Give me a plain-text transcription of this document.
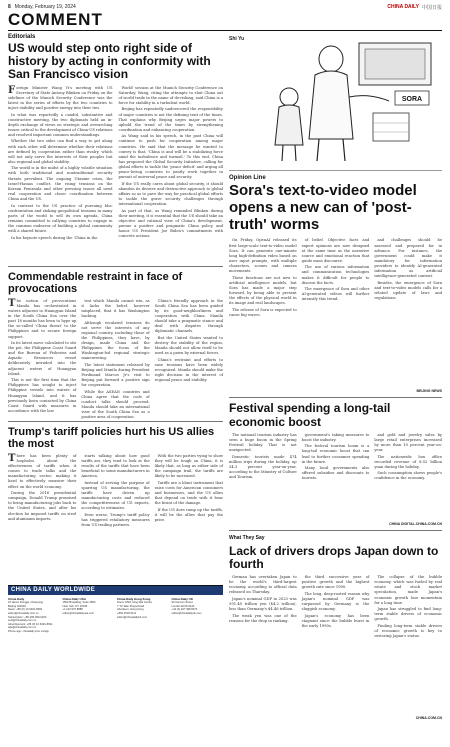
8 Monday, February 19, 2024	CHINA DAILY 中国日报
COMMENT
Editorials
US would step onto right side of history by acting in conformity with San Francisco vision

Foreign Minister Wang Yi's meeting with US Secretary of State Antony Blinken on Friday on the sidelines of the Munich Security Conference was the latest in the series of efforts by the two countries to inject stability and positive energy into their ties.

In what was reportedly a candid, substantive and constructive meeting, the two diplomats held an in-depth exchange of views on strategic and overarching issues critical to the development of China-US relations and resolved important common understandings.

Whether the two sides can find a way to get along with each other will determine whether their relations are defined by cooperation rather than rivalry, which will not only serve the interests of their peoples but also regional and global stability.

The world is in the midst of a highly volatile situation with both traditional and nontraditional security threats prevalent. The ongoing Ukraine crisis, the Israel-Hamas conflict, the rising tensions on the Korean Peninsula and other pressing issues all need real cooperation and closer coordination between China and the US.

In contrast to the US practice of pursuing bloc confrontation and stoking geopolitical tensions in many parts of the world to sell its own agenda, China remains committed to rallying countries to engage in the common endeavor of building a global community with a shared future.

In his keynote speech during the 'China in the

World' session at the Munich Security Conference on Saturday, Wang, citing the attempts to shut China out of world trade in the name of de-risking, said China is a force for stability in a turbulent world.

Beijing has repeatedly underscored the responsibility of major countries is not the defining trait of the times. That explains why Beijing urges major powers to uphold the trend of the times by strengthening coordination and enhancing cooperation.

As Wang said in his speech, in the past China will continue to push for cooperation among major countries. He said that the message he wanted to convey is that, 'China is and will be a stabilizing force amid the turbulence and turmoil.' To this end, China has proposed the Global Security Initiative, calling for global efforts to tackle the 'peace deficit' and urging all peace-loving countries to jointly work together in pursuit of universal peace and security.

If the US really cares about global security, it should abandon its divisive and destructive approach to global affairs so as to pave the way for practical global efforts to tackle the grave security challenges through international cooperation.

As part of that, as Wang reminded Blinken during their meeting, it is essential that the US should take an objective and rational view of China's development, pursue a positive and pragmatic China policy, and honor US President Joe Biden's commitments with concrete actions.

Commendable restraint in face of provocations

The notion of provocations Manila has orchestrated in waters adjacent to Huangyan Island in the South China Sea over the past 18 months has been to hype up the so-called 'China threat' to the Philippines and to secure foreign support.

In its latest move calculated to stir the pot, the Philippine Coast Guard and the Bureau of Fisheries and Aquatic Resources vessel deliberately intruded into the adjacent waters of Huangyan Island.

This is not the first time that the Philippines has sought to inject Philippine vessels into waters of Huangyan Island, and it has previously been contacted by China Coast Guard with measures in accordance with the law.

test which Manila cannot win, as it lacks the belief, however misplaced, that it has Washington backing.

Although escalated tensions do not serve the interests of any regional country, including those of the Philippines, they have, by design, made China and the Philippines the focus of the Washington-led regional strategic maneuvering.

The latest statement released by Beijing and Manila during President Ferdinand Marcos Jr's visit to Beijing put forward a positive sign for cooperation.

While the ASEAN countries and China agree that the code of conduct talks should proceed, Manila should take an international view of the South China Sea as a positive area of cooperation.

China's friendly approach in the South China Sea has been guided by its good-neighborliness and cooperation with China. Manila should take a pragmatic stance and deal with disputes through diplomatic channels.

But the United States wanted to destroy the stability of the region, Manila should not allow itself to be used as a pawn by external forces.

China's restraint and efforts to ease tensions have been widely recognized. Manila should make the right decision in the interest of regional peace and stability.

Trump's tariff policies hurt his US allies the most

There has been plenty of loopholes about the effectiveness of tariffs when it comes to trade talks and the manufacturing sector, making it hard to effectively measure their effect on the world economy.

During the 2016 presidential campaign, Donald Trump promised to bring manufacturing jobs back to the United States, and after his election he imposed tariffs on steel and aluminum imports.

starts talking about how good tariffs are, they tend to look at the results of the tariffs that have been beneficial to some manufacturers in America.

Instead of serving the purpose of sparring US manufacturing, the tariffs have driven up manufacturing costs and reduced the competitiveness of US exports, according to estimates.

Even worse, Trump's tariff policy has triggered retaliatory measures from US trading partners.

With the two parties vying to show they will be tough on China, it is likely that, as long as either side of the campaign trail, the tariffs are likely to be increased.

Tariffs are a blunt instrument that raise costs for American consumers and businesses, and the US allies that depend on trade with it bear the brunt of the damage.

If the US does ramp up the tariffs, it will be the allies that pay the price.

CHINA DAILY WORLDWIDE
China Daily
15 Huixin Dongjie, Chaoyang
Beijing 100029
News: +86 (0) 10 6491-8366
editor@chinadaily.com.cn
Subscription: +86 400-699-0203
sub@chinadaily.com.cn
Advertisement: +86 (0) 10 6491-8631
ads@chinadaily.com.cn
Phone app: chinadaily.com.cn/app
China Daily USA
1500 Broadway, Suite 2800
New York, NY 10036
+1 212 537 8888
editor@chinadailyusa.com
China Daily Hong Kong
Room 1818, Hing Wai Centre
7 Tin Wan Praya Road
Aberdeen, Hong Kong
+852 2518 5111
editor@chinadailyhk.com
China Daily UK
90 Cannon Street
London EC4N 6HA
+44 (0) 207 398 8270
editor@chinadailyuk.com
Shi Yu
SORA
Opinion Line
Sora's text-to-video model opens a new can of 'post-truth' worms

On Friday, OpenAI released its first large-scale text-to-video model Sora. It can generate one-minute long high-definition video based on user input prompts, with multiple characters, scenes and camera movements.

These functions are not new to artificial intelligence models, but Sora has made a major step forward, by being able to present the effects of the physical world in its image and real landscapes.

The release of Sora is expected to cause big waves.

of belief. Objective facts and expert opinions are now designed at the same time as the narrative source and emotional reaction that guide mass discourse.

The use of various information and communication technologies makes it difficult for people to discern the facts.

The emergence of Sora and other AI-generated videos will further intensify this trend.

and challenges should be assessed and prepared for in advance. For instance, the government could make it mandatory for information providers to identify AI-generated information as artificial intelligence-generated content.

Besides, the emergence of Sora and text-to-video models calls for a related update of laws and regulations.

BEIJING NEWS
Festival spending a long-tail economic boost

The national tourism industry has seen a huge boom in the Spring Festival holiday. That is not unexpected.

Domestic tourists made 474 million trips during the holiday, up 34.3 percent year-on-year, according to the Ministry of Culture and Tourism.

government's taking measures to boost the industry.

The festival tourism boom is a long-tail economic boost that can lead to further consumer spending in the future.

Many local governments also offered subsidies and discounts to tourists.

and gold and jewelry sales by large retail enterprises increased by more than 10 percent year-on-year.

The nationwide box office recorded revenue of 8.02 billion yuan during the holiday.

Such consumption shows people's confidence in the economy.

CHINA DIGITAL.CHINA.COM.CN
What They Say
Lack of drivers drops Japan down to fourth

German has overtaken Japan to be the world's third-largest economy, according to official data released on Thursday.

Japan's nominal GDP in 2023 was 591.48 trillion yen ($4.2 trillion), less than Germany's $4.46 trillion.

The weak yen was one of the reasons for the drop in ranking.

the third successive year of positive growth and the highest growth rate since 1990.

The long, deep-rooted reason why Japan's nominal GDP was surpassed by Germany is the sluggish economy.

Japan's economy has been stagnant since the bubble burst in the early 1990s.

The collapse of the bubble economy, which was fueled by real estate and stock market speculation, made Japan's economic growth lose momentum for a long time.

Japan has struggled to find long-term stable drivers of economic growth.

Finding long-term stable drivers of economic growth is key to restoring Japan's status.

CHINA.COM.CN
